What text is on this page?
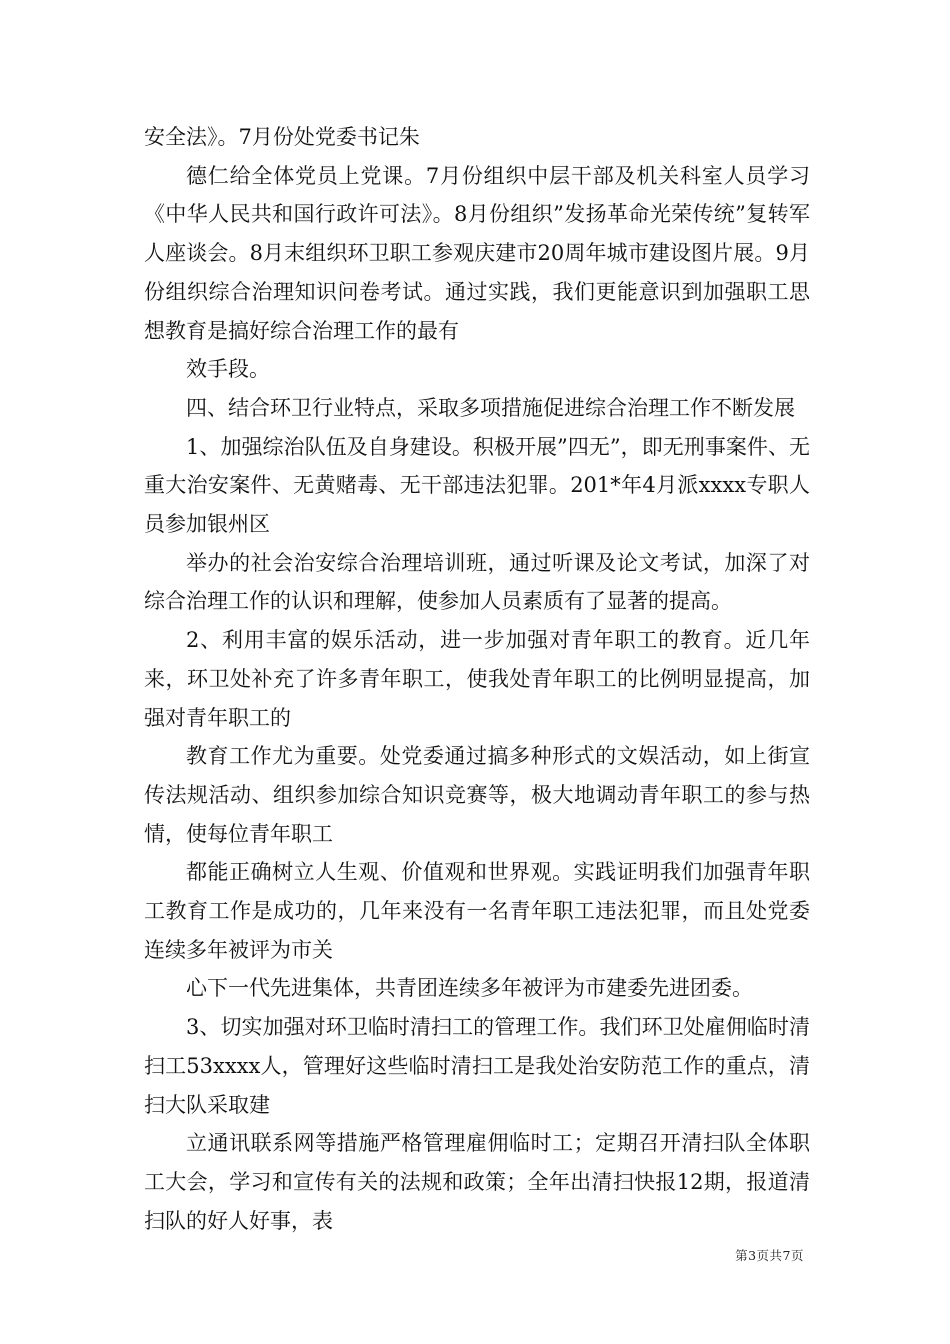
安全法》。7月份处党委书记朱

德仁给全体党员上党课。7月份组织中层干部及机关科室人员学习《中华人民共和国行政许可法》。8月份组织”发扬革命光荣传统”复转军人座谈会。8月末组织环卫职工参观庆建市20周年城市建设图片展。9月份组织综合治理知识问卷考试。通过实践，我们更能意识到加强职工思想教育是搞好综合治理工作的最有

效手段。

四、结合环卫行业特点，采取多项措施促进综合治理工作不断发展

1、加强综治队伍及自身建设。积极开展”四无”，即无刑事案件、无重大治安案件、无黄赌毒、无干部违法犯罪。201*年4月派xxxx专职人员参加银州区

举办的社会治安综合治理培训班，通过听课及论文考试，加深了对综合治理工作的认识和理解，使参加人员素质有了显著的提高。

2、利用丰富的娱乐活动，进一步加强对青年职工的教育。近几年来，环卫处补充了许多青年职工，使我处青年职工的比例明显提高，加强对青年职工的

教育工作尤为重要。处党委通过搞多种形式的文娱活动，如上街宣传法规活动、组织参加综合知识竞赛等，极大地调动青年职工的参与热情，使每位青年职工

都能正确树立人生观、价值观和世界观。实践证明我们加强青年职工教育工作是成功的，几年来没有一名青年职工违法犯罪，而且处党委连续多年被评为市关

心下一代先进集体，共青团连续多年被评为市建委先进团委。

3、切实加强对环卫临时清扫工的管理工作。我们环卫处雇佣临时清扫工53xxxx人，管理好这些临时清扫工是我处治安防范工作的重点，清扫大队采取建

立通讯联系网等措施严格管理雇佣临时工；定期召开清扫队全体职工大会，学习和宣传有关的法规和政策；全年出清扫快报12期，报道清扫队的好人好事，表

第3页共7页
